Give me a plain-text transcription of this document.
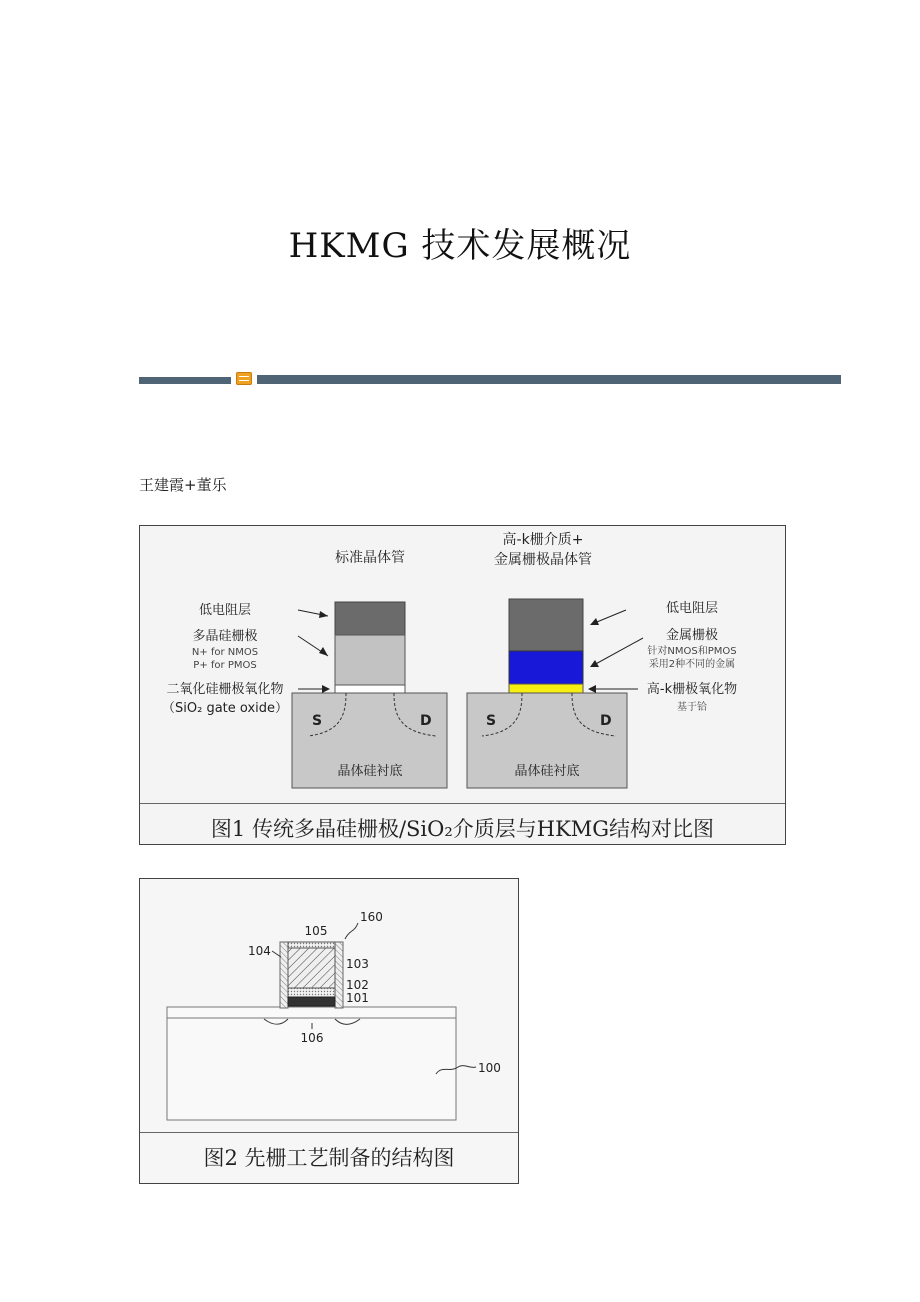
HKMG 技术发展概况
王建霞+董乐
标准晶体管
S	D
晶体硅衬底
低电阻层
多晶硅栅极
N+ for NMOS
P+ for PMOS
二氧化硅栅极氧化物
（SiO₂ gate oxide）
高-k栅介质+
金属栅极晶体管
S	D
晶体硅衬底
低电阻层
金属栅极
针对NMOS和PMOS
采用2种不同的金属
高-k栅极氧化物
基于铪
图1 传统多晶硅栅极/SiO₂介质层与HKMG结构对比图
105
160
104
103
102
101
106
100
图2 先栅工艺制备的结构图
